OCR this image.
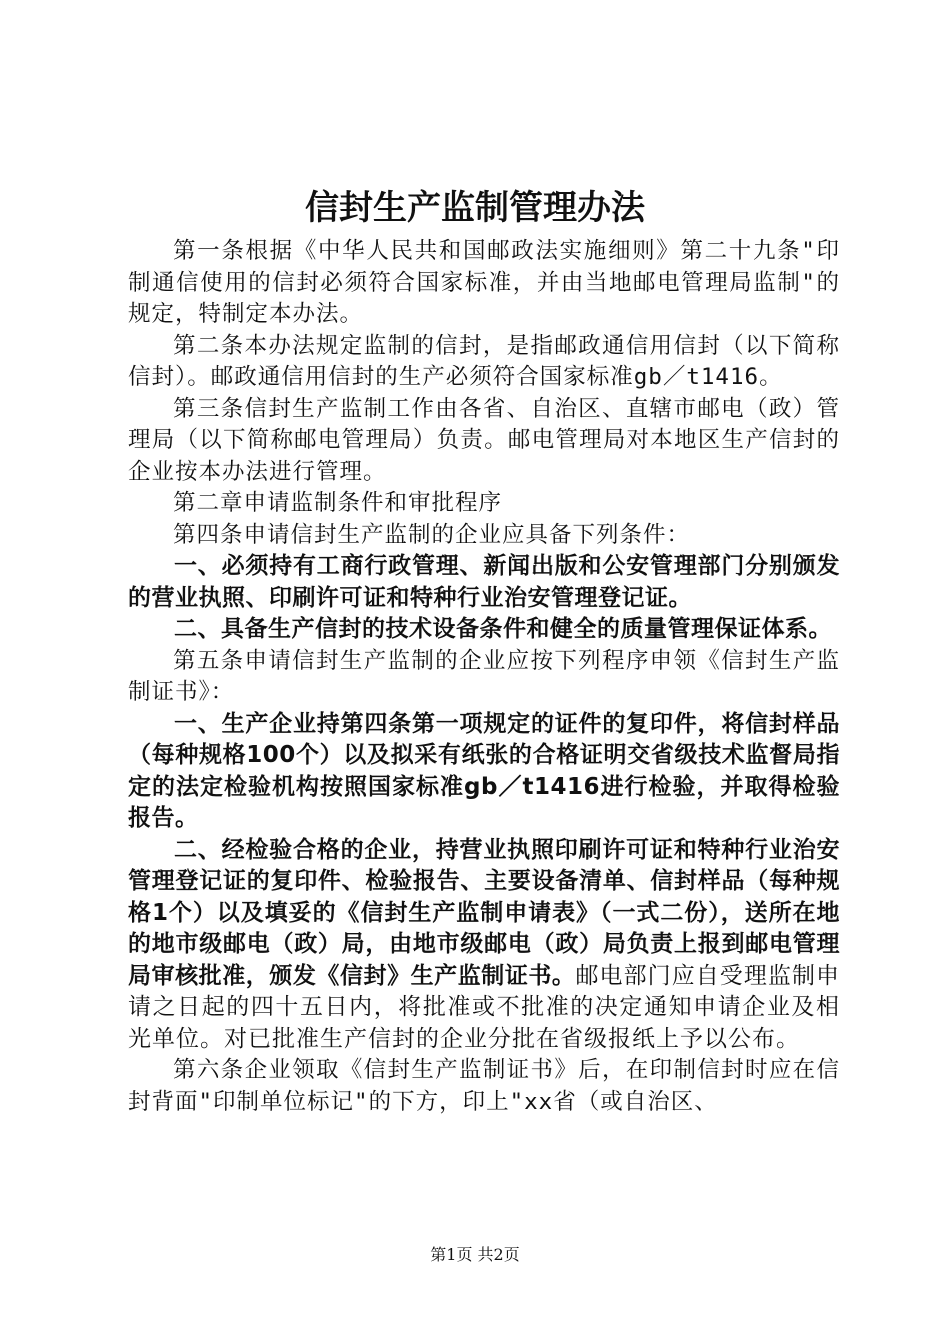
信封生产监制管理办法

第一条根据《中华人民共和国邮政法实施细则》第二十九条"印制通信使用的信封必须符合国家标准，并由当地邮电管理局监制"的规定，特制定本办法。

第二条本办法规定监制的信封，是指邮政通信用信封（以下简称信封）。邮政通信用信封的生产必须符合国家标准gb／t1416。

第三条信封生产监制工作由各省、自治区、直辖市邮电（政）管理局（以下简称邮电管理局）负责。邮电管理局对本地区生产信封的企业按本办法进行管理。

第二章申请监制条件和审批程序

第四条申请信封生产监制的企业应具备下列条件：

一、必须持有工商行政管理、新闻出版和公安管理部门分别颁发的营业执照、印刷许可证和特种行业治安管理登记证。

二、具备生产信封的技术设备条件和健全的质量管理保证体系。

第五条申请信封生产监制的企业应按下列程序申领《信封生产监制证书》：

一、生产企业持第四条第一项规定的证件的复印件，将信封样品（每种规格100个）以及拟采有纸张的合格证明交省级技术监督局指定的法定检验机构按照国家标准gb／t1416进行检验，并取得检验报告。

二、经检验合格的企业，持营业执照印刷许可证和特种行业治安管理登记证的复印件、检验报告、主要设备清单、信封样品（每种规格1个）以及填妥的《信封生产监制申请表》（一式二份），送所在地的地市级邮电（政）局，由地市级邮电（政）局负责上报到邮电管理局审核批准，颁发《信封》生产监制证书。邮电部门应自受理监制申请之日起的四十五日内，将批准或不批准的决定通知申请企业及相光单位。对已批准生产信封的企业分批在省级报纸上予以公布。

第六条企业领取《信封生产监制证书》后，在印制信封时应在信封背面"印制单位标记"的下方，印上"xx省（或自治区、

第1页 共2页
